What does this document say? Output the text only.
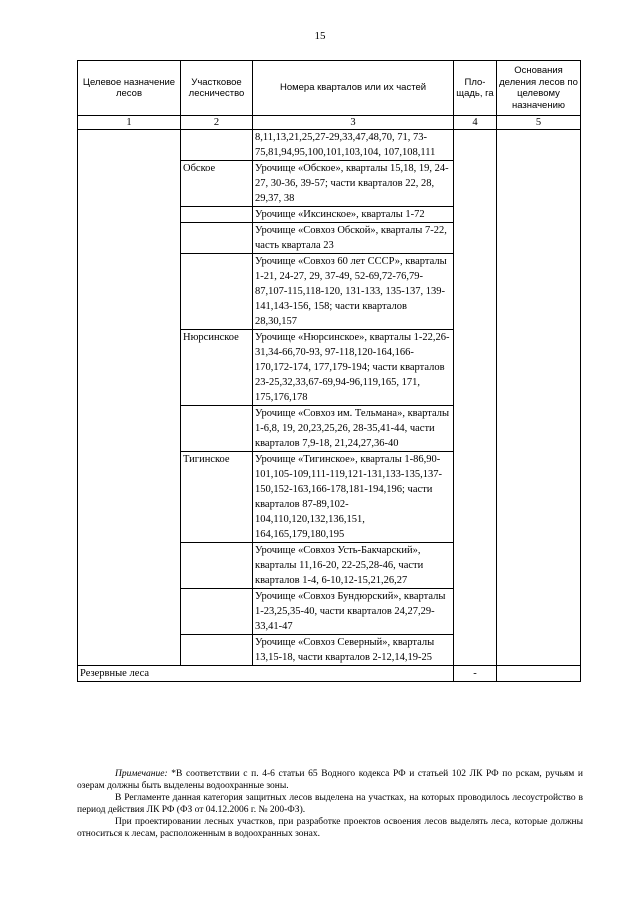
15
Целевое назначение лесов	Участковое лесничество	Номера кварталов или их частей	Пло-щадь, га	Основания деления лесов по целевому назначению
1	2	3	4	5
		8,11,13,21,25,27-29,33,47,48,70, 71, 73-75,81,94,95,100,101,103,104, 107,108,111		
	Обское	Урочище «Обское», кварталы 15,18, 19, 24-27, 30-36, 39-57; части кварталов 22, 28, 29,37, 38		
		Урочище «Иксинское», кварталы 1-72		
		Урочище «Совхоз Обской», кварталы 7-22, часть квартала 23		
		Урочище «Совхоз 60 лет СССР», кварталы 1-21, 24-27, 29, 37-49, 52-69,72-76,79-87,107-115,118-120, 131-133, 135-137, 139-141,143-156, 158; части кварталов 28,30,157		
	Нюрсинское	Урочище «Нюрсинское», кварталы 1-22,26-31,34-66,70-93, 97-118,120-164,166-170,172-174, 177,179-194; части кварталов 23-25,32,33,67-69,94-96,119,165, 171, 175,176,178		
		Урочище «Совхоз им. Тельмана», кварталы 1-6,8, 19, 20,23,25,26, 28-35,41-44, части кварталов 7,9-18, 21,24,27,36-40		
	Тигинское	Урочище «Тигинское», кварталы 1-86,90-101,105-109,111-119,121-131,133-135,137-150,152-163,166-178,181-194,196; части кварталов 87-89,102-104,110,120,132,136,151, 164,165,179,180,195		
		Урочище «Совхоз Усть-Бакчарский», кварталы 11,16-20, 22-25,28-46, части кварталов 1-4, 6-10,12-15,21,26,27		
		Урочище «Совхоз Бундюрский», кварталы 1-23,25,35-40, части кварталов 24,27,29-33,41-47		
		Урочище «Совхоз Северный», кварталы 13,15-18, части кварталов 2-12,14,19-25		
Резервные леса			-	

Примечание: *В соответствии с п. 4-6 статьи 65 Водного кодекса РФ и статьей 102 ЛК РФ по рскам, ручьям и озерам должны быть выделены водоохранные зоны.

В Регламенте данная категория защитных лесов выделена на участках, на которых проводилось лесоустройство в период действия ЛК РФ (ФЗ от 04.12.2006 г. № 200-ФЗ).

При проектировании лесных участков, при разработке проектов освоения лесов выделять леса, которые должны относиться к лесам, расположенным в водоохранных зонах.
